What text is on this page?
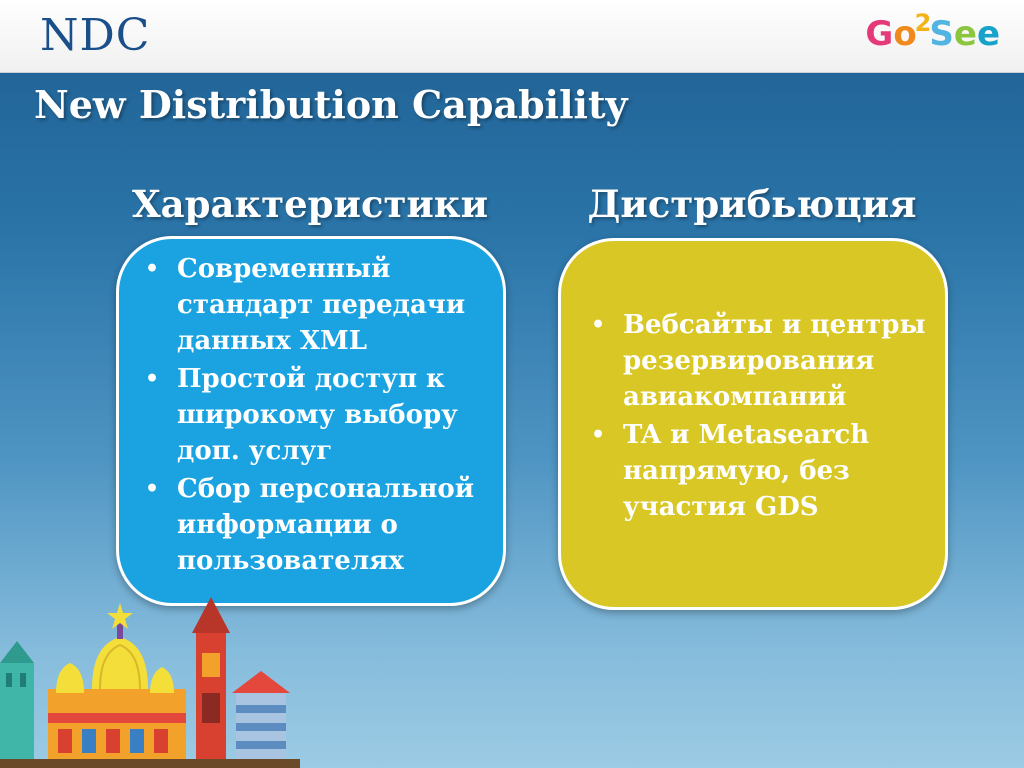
NDC	Go$^2$See
New Distribution Capability
Характеристики	Дистрибьюция
• Современный стандарт передачи данных XML
• Простой доступ к широкому выбору доп. услуг
• Сбор персональной информации о пользователях
• Вебсайты и центры резервирования авиакомпаний
• TA и Metasearch напрямую, без участия GDS
